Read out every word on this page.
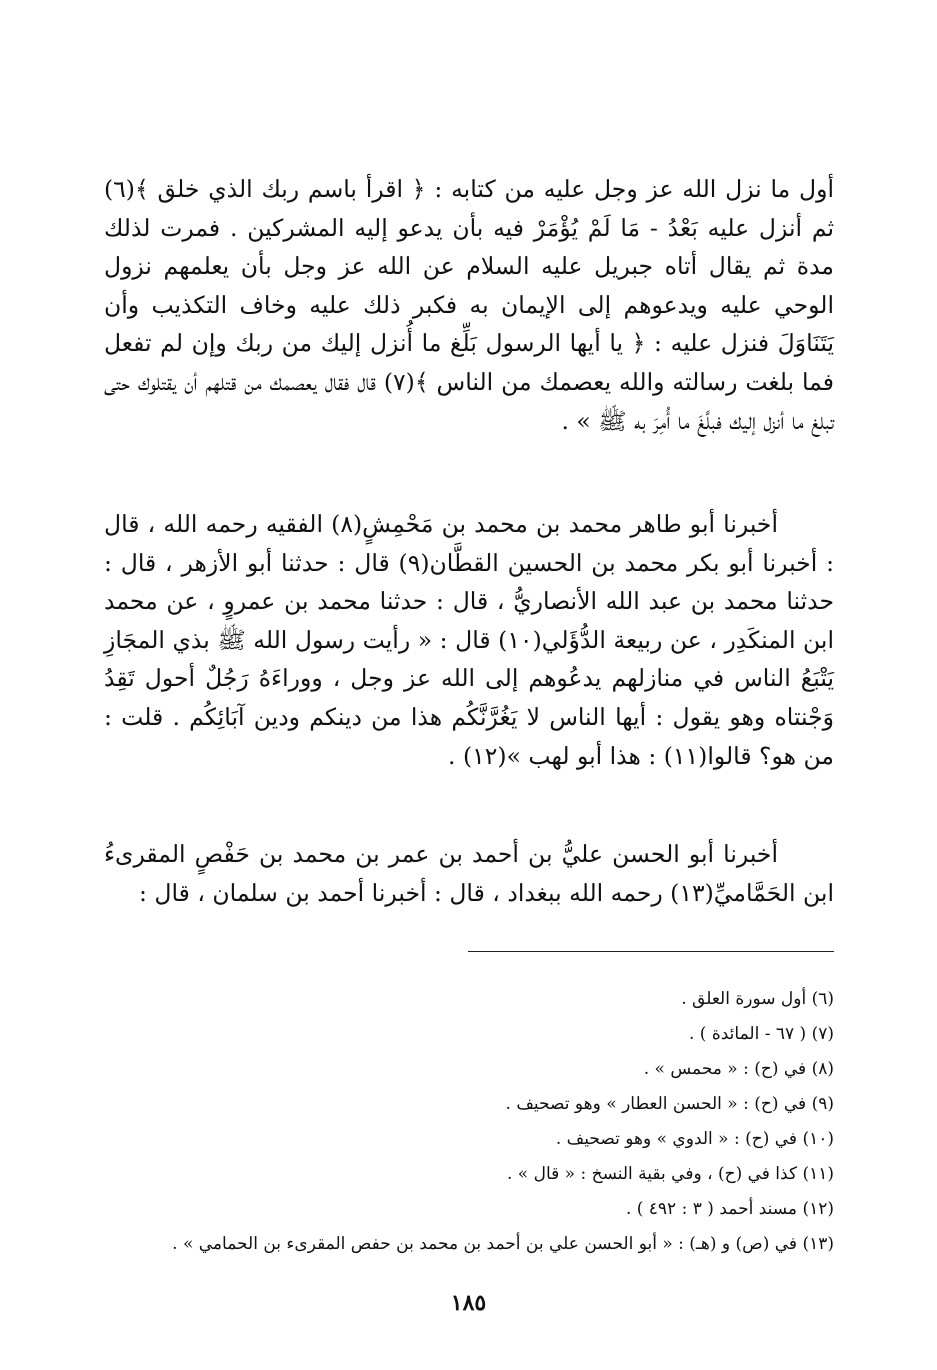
أول ما نزل الله عز وجل عليه من كتابه : ﴿ اقرأ باسم ربك الذي خلق ﴾(٦) ثم أنزل عليه بَعْدُ - مَا لَمْ يُؤْمَرْ فيه بأن يدعو إليه المشركين . فمرت لذلك مدة ثم يقال أتاه جبريل عليه السلام عن الله عز وجل بأن يعلمهم نزول الوحي عليه ويدعوهم إلى الإيمان به فكبر ذلك عليه وخاف التكذيب وأن يَتَنَاوَلَ فنزل عليه : ﴿ يا أيها الرسول بَلِّغ ما أُنزل إليك من ربك وإن لم تفعل فما بلغت رسالته والله يعصمك من الناس ﴾(٧) قال فقال يعصمك من قتلهم أن يقتلوك حتى تبلغ ما أنزل إليك فبلَّغَ ما أُمِرَ به ﷺ » .

أخبرنا أبو طاهر محمد بن محمد بن مَحْمِشٍ(٨) الفقيه رحمه الله ، قال : أخبرنا أبو بكر محمد بن الحسين القطَّان(٩) قال : حدثنا أبو الأزهر ، قال : حدثنا محمد بن عبد الله الأنصاريُّ ، قال : حدثنا محمد بن عمروٍ ، عن محمد ابن المنكَدِر ، عن ربيعة الدُّؤَلي(١٠) قال : « رأيت رسول الله ﷺ بذي المجَازِ يَتْبَعُ الناس في منازلهم يدعُوهم إلى الله عز وجل ، ووراءَهُ رَجُلٌ أحول تَقِدُ وَجْنتاه وهو يقول : أيها الناس لا يَغُرَّنَّكُم هذا من دينكم ودين آبَائِكُم . قلت : من هو؟ قالوا(١١) : هذا أبو لهب »(١٢) .

أخبرنا أبو الحسن عليُّ بن أحمد بن عمر بن محمد بن حَفْصٍ المقرىءُ ابن الحَمَّاميِّ(١٣) رحمه الله ببغداد ، قال : أخبرنا أحمد بن سلمان ، قال :

(٦) أول سورة العلق .
(٧) ( ٦٧ - المائدة ) .
(٨) في (ح) : « محمس » .
(٩) في (ح) : « الحسن العطار » وهو تصحيف .
(١٠) في (ح) : « الدوي » وهو تصحيف .
(١١) كذا في (ح) ، وفي بقية النسخ : « قال » .
(١٢) مسند أحمد ( ٣ : ٤٩٢ ) .
(١٣) في (ص) و (هـ) : « أبو الحسن علي بن أحمد بن محمد بن حفص المقرىء بن الحمامي » .
١٨٥
